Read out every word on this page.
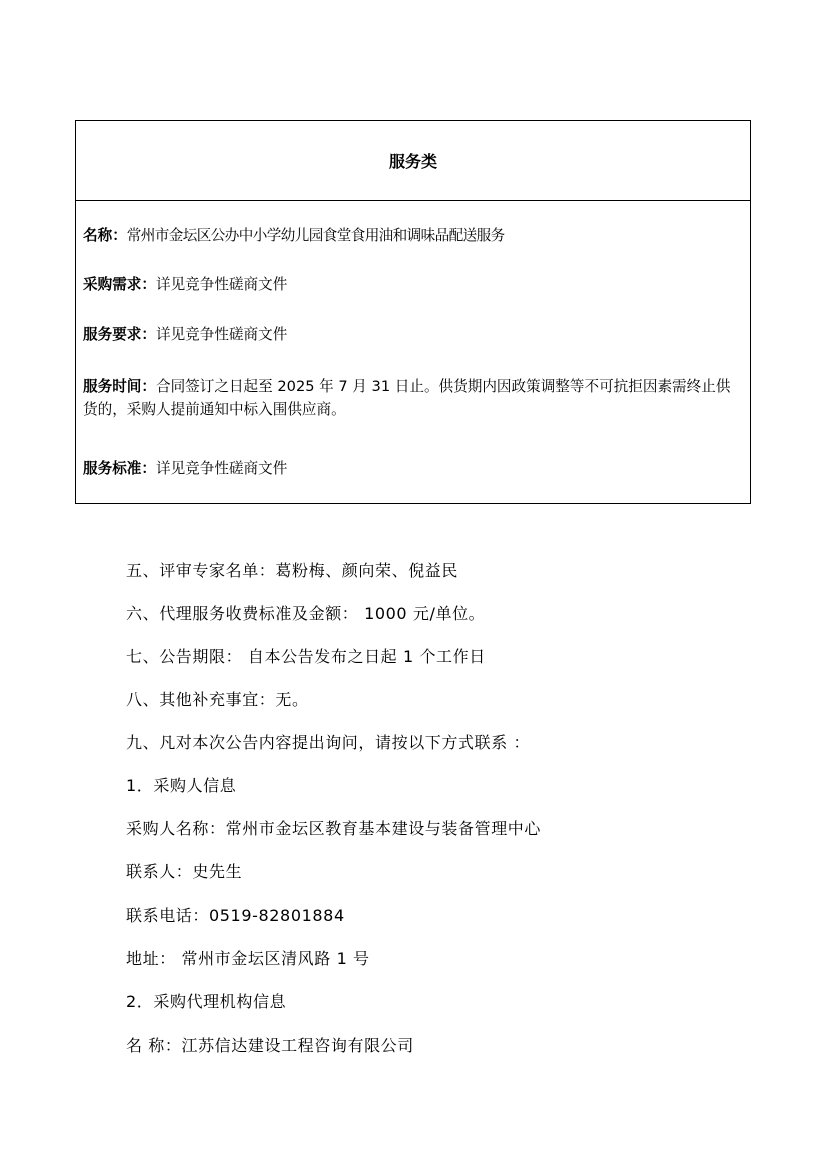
服务类
名称：常州市金坛区公办中小学幼儿园食堂食用油和调味品配送服务
采购需求：详见竞争性磋商文件
服务要求：详见竞争性磋商文件
服务时间：合同签订之日起至 2025 年 7 月 31 日止。供货期内因政策调整等不可抗拒因素需终止供货的，采购人提前通知中标入围供应商。
服务标准：详见竞争性磋商文件
五、评审专家名单：葛粉梅、颜向荣、倪益民
六、代理服务收费标准及金额： 1000 元/单位。
七、公告期限： 自本公告发布之日起 1 个工作日
八、其他补充事宜：无。
九、凡对本次公告内容提出询问，请按以下方式联系 ：
1．采购人信息
采购人名称：常州市金坛区教育基本建设与装备管理中心
联系人：史先生
联系电话：0519-82801884
地址： 常州市金坛区清风路 1 号
2．采购代理机构信息
名 称：江苏信达建设工程咨询有限公司
